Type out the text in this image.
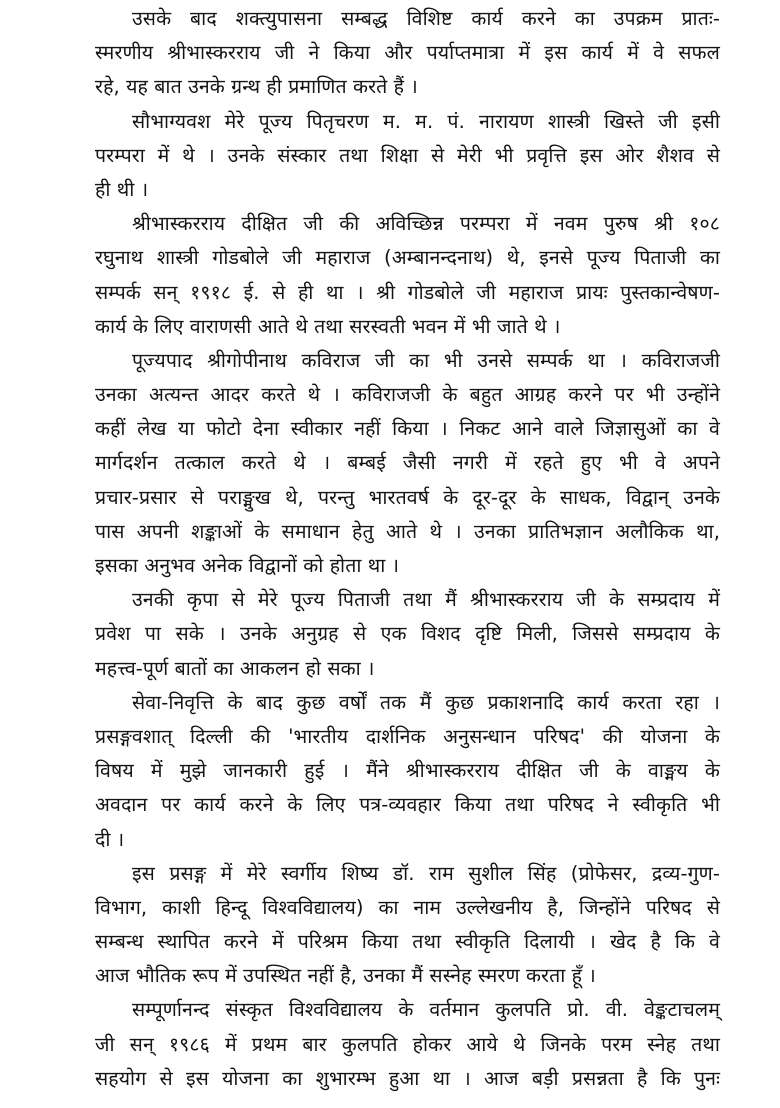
उसके बाद शक्त्युपासना सम्बद्ध विशिष्ट कार्य करने का उपक्रम प्रातः-
स्मरणीय श्रीभास्करराय जी ने किया और पर्याप्तमात्रा में इस कार्य में वे सफल
रहे, यह बात उनके ग्रन्थ ही प्रमाणित करते हैं ।
सौभाग्यवश मेरे पूज्य पितृचरण म. म. पं. नारायण शास्त्री खिस्ते जी इसी
परम्परा में थे । उनके संस्कार तथा शिक्षा से मेरी भी प्रवृत्ति इस ओर शैशव से
ही थी ।
श्रीभास्करराय दीक्षित जी की अविच्छिन्न परम्परा में नवम पुरुष श्री १०८
रघुनाथ शास्त्री गोडबोले जी महाराज (अम्बानन्दनाथ) थे, इनसे पूज्य पिताजी का
सम्पर्क सन् १९१८ ई. से ही था । श्री गोडबोले जी महाराज प्रायः पुस्तकान्वेषण-
कार्य के लिए वाराणसी आते थे तथा सरस्वती भवन में भी जाते थे ।
पूज्यपाद श्रीगोपीनाथ कविराज जी का भी उनसे सम्पर्क था । कविराजजी
उनका अत्यन्त आदर करते थे । कविराजजी के बहुत आग्रह करने पर भी उन्होंने
कहीं लेख या फोटो देना स्वीकार नहीं किया । निकट आने वाले जिज्ञासुओं का वे
मार्गदर्शन तत्काल करते थे । बम्बई जैसी नगरी में रहते हुए भी वे अपने
प्रचार-प्रसार से पराङ्मुख थे, परन्तु भारतवर्ष के दूर-दूर के साधक, विद्वान् उनके
पास अपनी शङ्काओं के समाधान हेतु आते थे । उनका प्रातिभज्ञान अलौकिक था,
इसका अनुभव अनेक विद्वानों को होता था ।
उनकी कृपा से मेरे पूज्य पिताजी तथा मैं श्रीभास्करराय जी के सम्प्रदाय में
प्रवेश पा सके । उनके अनुग्रह से एक विशद दृष्टि मिली, जिससे सम्प्रदाय के
महत्त्व-पूर्ण बातों का आकलन हो सका ।
सेवा-निवृत्ति के बाद कुछ वर्षों तक मैं कुछ प्रकाशनादि कार्य करता रहा ।
प्रसङ्गवशात् दिल्ली की 'भारतीय दार्शनिक अनुसन्धान परिषद' की योजना के
विषय में मुझे जानकारी हुई । मैंने श्रीभास्करराय दीक्षित जी के वाङ्मय के
अवदान पर कार्य करने के लिए पत्र-व्यवहार किया तथा परिषद ने स्वीकृति भी
दी ।
इस प्रसङ्ग में मेरे स्वर्गीय शिष्य डॉ. राम सुशील सिंह (प्रोफेसर, द्रव्य-गुण-
विभाग, काशी हिन्दू विश्वविद्यालय) का नाम उल्लेखनीय है, जिन्होंने परिषद से
सम्बन्ध स्थापित करने में परिश्रम किया तथा स्वीकृति दिलायी । खेद है कि वे
आज भौतिक रूप में उपस्थित नहीं है, उनका मैं सस्नेह स्मरण करता हूँ ।
सम्पूर्णानन्द संस्कृत विश्वविद्यालय के वर्तमान कुलपति प्रो. वी. वेङ्कटाचलम्
जी सन् १९८६ में प्रथम बार कुलपति होकर आये थे जिनके परम स्नेह तथा
सहयोग से इस योजना का शुभारम्भ हुआ था । आज बड़ी प्रसन्नता है कि पुनः
